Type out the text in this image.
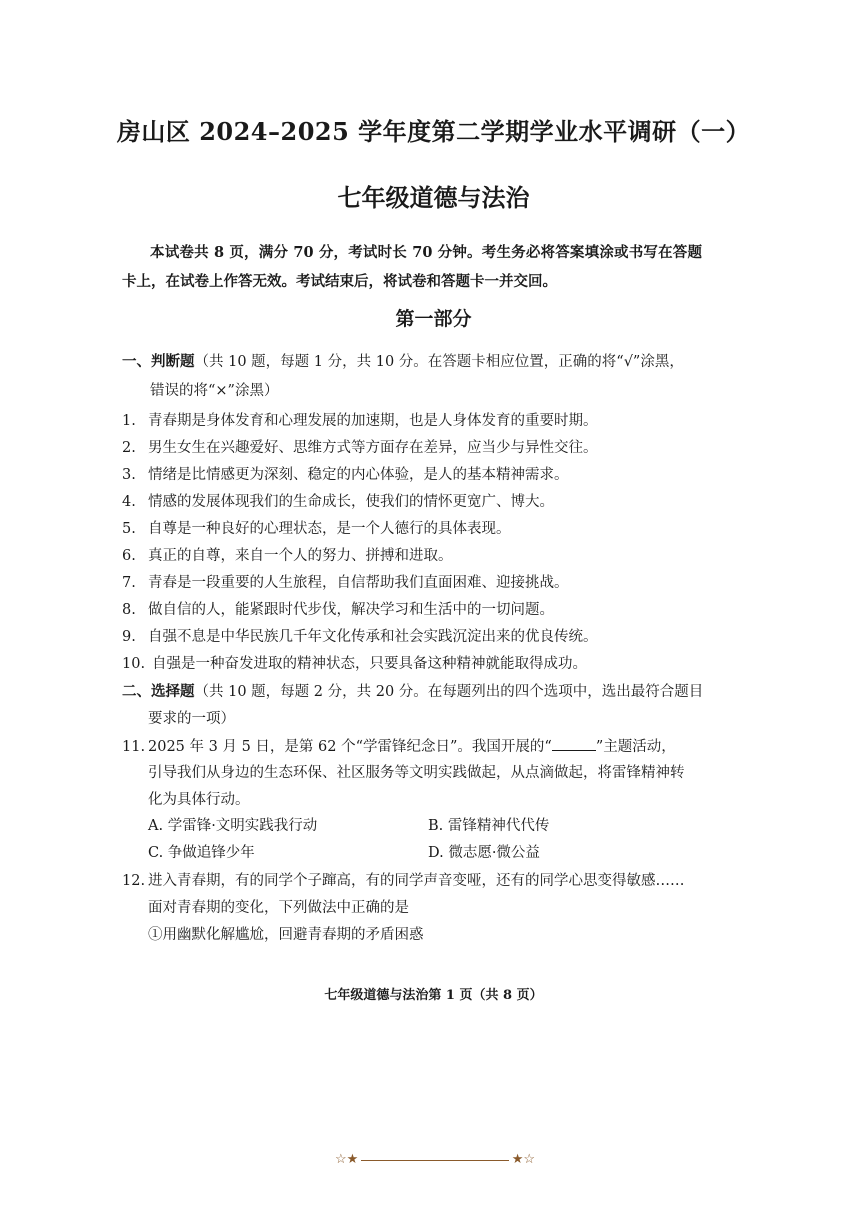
房山区 2024–2025 学年度第二学期学业水平调研（一）
七年级道德与法治
本试卷共 8 页，满分 70 分，考试时长 70 分钟。考生务必将答案填涂或书写在答题卡上，在试卷上作答无效。考试结束后，将试卷和答题卡一并交回。
第一部分
一、判断题（共 10 题，每题 1 分，共 10 分。在答题卡相应位置，正确的将“√”涂黑，
错误的将“×”涂黑）
1. 青春期是身体发育和心理发展的加速期，也是人身体发育的重要时期。
2. 男生女生在兴趣爱好、思维方式等方面存在差异，应当少与异性交往。
3. 情绪是比情感更为深刻、稳定的内心体验，是人的基本精神需求。
4. 情感的发展体现我们的生命成长，使我们的情怀更宽广、博大。
5. 自尊是一种良好的心理状态，是一个人德行的具体表现。
6. 真正的自尊，来自一个人的努力、拼搏和进取。
7. 青春是一段重要的人生旅程，自信帮助我们直面困难、迎接挑战。
8. 做自信的人，能紧跟时代步伐，解决学习和生活中的一切问题。
9. 自强不息是中华民族几千年文化传承和社会实践沉淀出来的优良传统。
10. 自强是一种奋发进取的精神状态，只要具备这种精神就能取得成功。
二、选择题（共 10 题，每题 2 分，共 20 分。在每题列出的四个选项中，选出最符合题目
要求的一项）
11. 2025 年 3 月 5 日，是第 62 个“学雷锋纪念日”。我国开展的“	”主题活动，
引导我们从身边的生态环保、社区服务等文明实践做起，从点滴做起，将雷锋精神转
化为具体行动。
A. 学雷锋·文明实践我行动	B. 雷锋精神代代传
C. 争做追锋少年	D. 微志愿·微公益
12. 进入青春期，有的同学个子蹿高，有的同学声音变哑，还有的同学心思变得敏感……
面对青春期的变化，下列做法中正确的是
①用幽默化解尴尬，回避青春期的矛盾困惑
七年级道德与法治第 1 页（共 8 页）
☆★	★☆
